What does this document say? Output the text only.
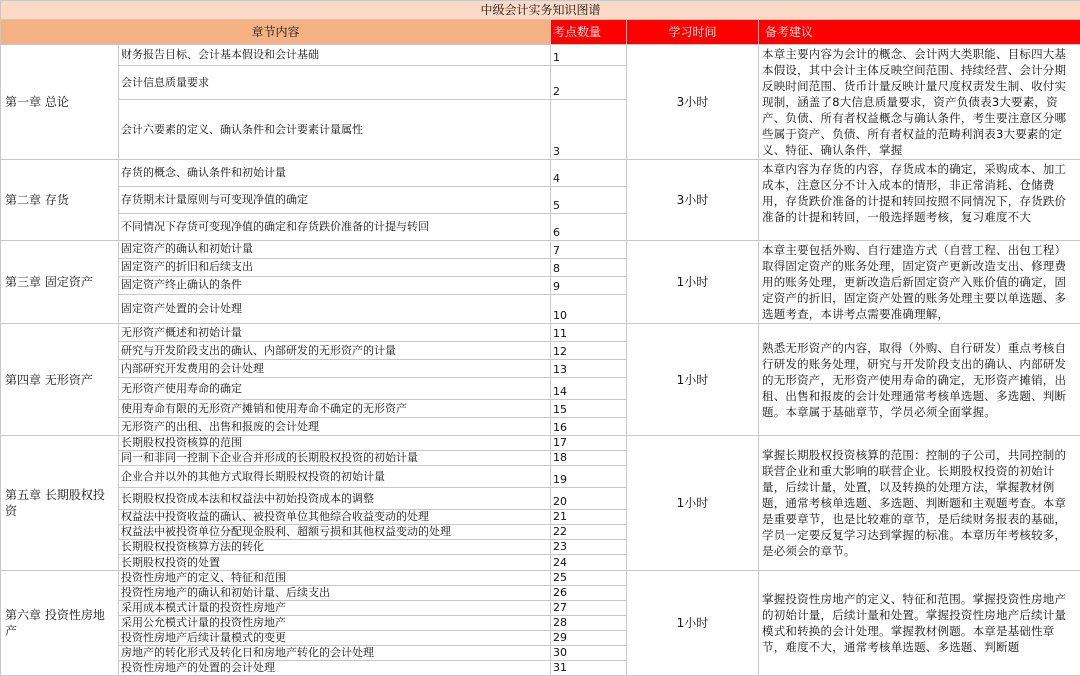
中级会计实务知识图谱				
章节内容		考点数量	学习时间	备考建议
第一章 总论	财务报告目标、会计基本假设和会计基础	1	3小时	本章主要内容为会计的概念、会计两大类职能、目标四大基本假设，其中会计主体反映空间范围、持续经营、会计分期反映时间范围、货币计量反映计量尺度权责发生制、收付实现制，涵盖了8大信息质量要求，资产负债表3大要素，资产、负债、所有者权益概念与确认条件，考生要注意区分哪些属于资产、负债、所有者权益的范畴利润表3大要素的定义、特征、确认条件，掌握
	会计信息质量要求	2		
	会计六要素的定义、确认条件和会计要素计量属性	3		
第二章 存货	存货的概念、确认条件和初始计量	4	3小时	本章内容为存货的内容，存货成本的确定，采购成本、加工成本，注意区分不计入成本的情形，非正常消耗、仓储费用，存货跌价准备的计提和转回按照不同情况下，存货跌价准备的计提和转回，一般选择题考核，复习难度不大
	存货期末计量原则与可变现净值的确定	5		
	不同情况下存货可变现净值的确定和存货跌价准备的计提与转回	6		
第三章 固定资产	固定资产的确认和初始计量	7	1小时	本章主要包括外购、自行建造方式（自营工程、出包工程）取得固定资产的账务处理，固定资产更新改造支出、修理费用的账务处理，更新改造后新固定资产入账价值的确定，固定资产的折旧，固定资产处置的账务处理主要以单选题、多选题考查，本讲考点需要准确理解，
	固定资产的折旧和后续支出	8		
	固定资产终止确认的条件	9		
	固定资产处置的会计处理	10		
第四章 无形资产	无形资产概述和初始计量	11	1小时	熟悉无形资产的内容，取得（外购、自行研发）重点考核自行研发的账务处理，研究与开发阶段支出的确认、内部研发的无形资产，无形资产使用寿命的确定，无形资产摊销，出租、出售和报废的会计处理通常考核单选题、多选题、判断题。本章属于基础章节，学员必须全面掌握。
	研究与开发阶段支出的确认、内部研发的无形资产的计量	12		
	内部研究开发费用的会计处理	13		
	无形资产使用寿命的确定	14		
	使用寿命有限的无形资产摊销和使用寿命不确定的无形资产	15		
	无形资产的出租、出售和报废的会计处理	16		
第五章 长期股权投资	长期股权投资核算的范围	17	1小时	掌握长期股权投资核算的范围：控制的子公司，共同控制的联营企业和重大影响的联营企业。长期股权投资的初始计量，后续计量，处置，以及转换的处理方法，掌握教材例题，通常考核单选题、多选题、判断题和主观题考查。本章是重要章节，也是比较难的章节，是后续财务报表的基础，学员一定要反复学习达到掌握的标准。本章历年考核较多，是必须会的章节。
	同一和非同一控制下企业合并形成的长期股权投资的初始计量	18		
	企业合并以外的其他方式取得长期股权投资的初始计量	19		
	长期股权投资成本法和权益法中初始投资成本的调整	20		
	权益法中投资收益的确认、被投资单位其他综合收益变动的处理	21		
	权益法中被投资单位分配现金股利、超额亏损和其他权益变动的处理	22		
	长期股权投资核算方法的转化	23		
	长期股权投资的处置	24		
第六章 投资性房地产	投资性房地产的定义、特征和范围	25	1小时	掌握投资性房地产的定义、特征和范围。掌握投资性房地产的初始计量，后续计量和处置。掌握投资性房地产后续计量模式和转换的会计处理。掌握教材例题。本章是基础性章节，难度不大，通常考核单选题、多选题、判断题
	投资性房地产的确认和初始计量、后续支出	26		
	采用成本模式计量的投资性房地产	27		
	采用公允模式计量的投资性房地产	28		
	投资性房地产后续计量模式的变更	29		
	房地产的转化形式及转化日和房地产转化的会计处理	30		
	投资性房地产的处置的会计处理	31		
